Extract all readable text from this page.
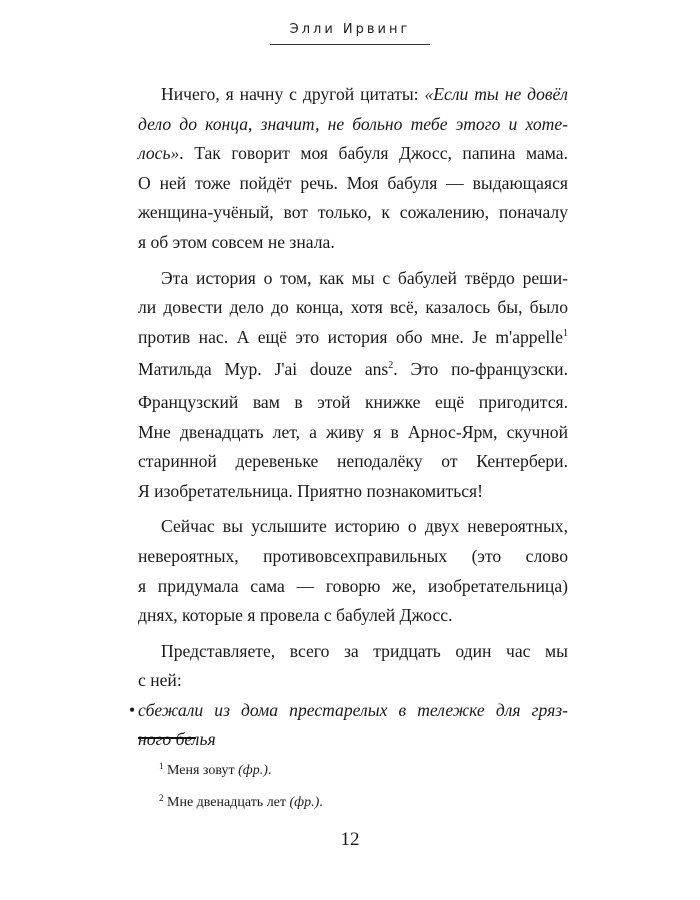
Элли Ирвинг
Ничего, я начну с другой цитаты: «Если ты не довёл
дело до конца, значит, не больно тебе этого и хоте-
лось». Так говорит моя бабуля Джосс, папина мама.
О ней тоже пойдёт речь. Моя бабуля — выдающаяся
женщина-учёный, вот только, к сожалению, поначалу
я об этом совсем не знала.
Эта история о том, как мы с бабулей твёрдо реши-
ли довести дело до конца, хотя всё, казалось бы, было
против нас. А ещё это история обо мне. Je m'appelle$^1$
Матильда Мур. J'ai douze ans$^2$. Это по-французски.
Французский вам в этой книжке ещё пригодится.
Мне двенадцать лет, а живу я в Арнос-Ярм, скучной
старинной деревеньке неподалёку от Кентербери.
Я изобретательница. Приятно познакомиться!
Сейчас вы услышите историю о двух невероятных,
невероятных, противовсехправильных (это слово
я придумала сама — говорю же, изобретательница)
днях, которые я провела с бабулей Джосс.
Представляете, всего за тридцать один час мы
с ней:
• сбежали из дома престарелых в тележке для гряз-
ного белья
$^1$ Меня зовут (фр.).
$^2$ Мне двенадцать лет (фр.).
12
